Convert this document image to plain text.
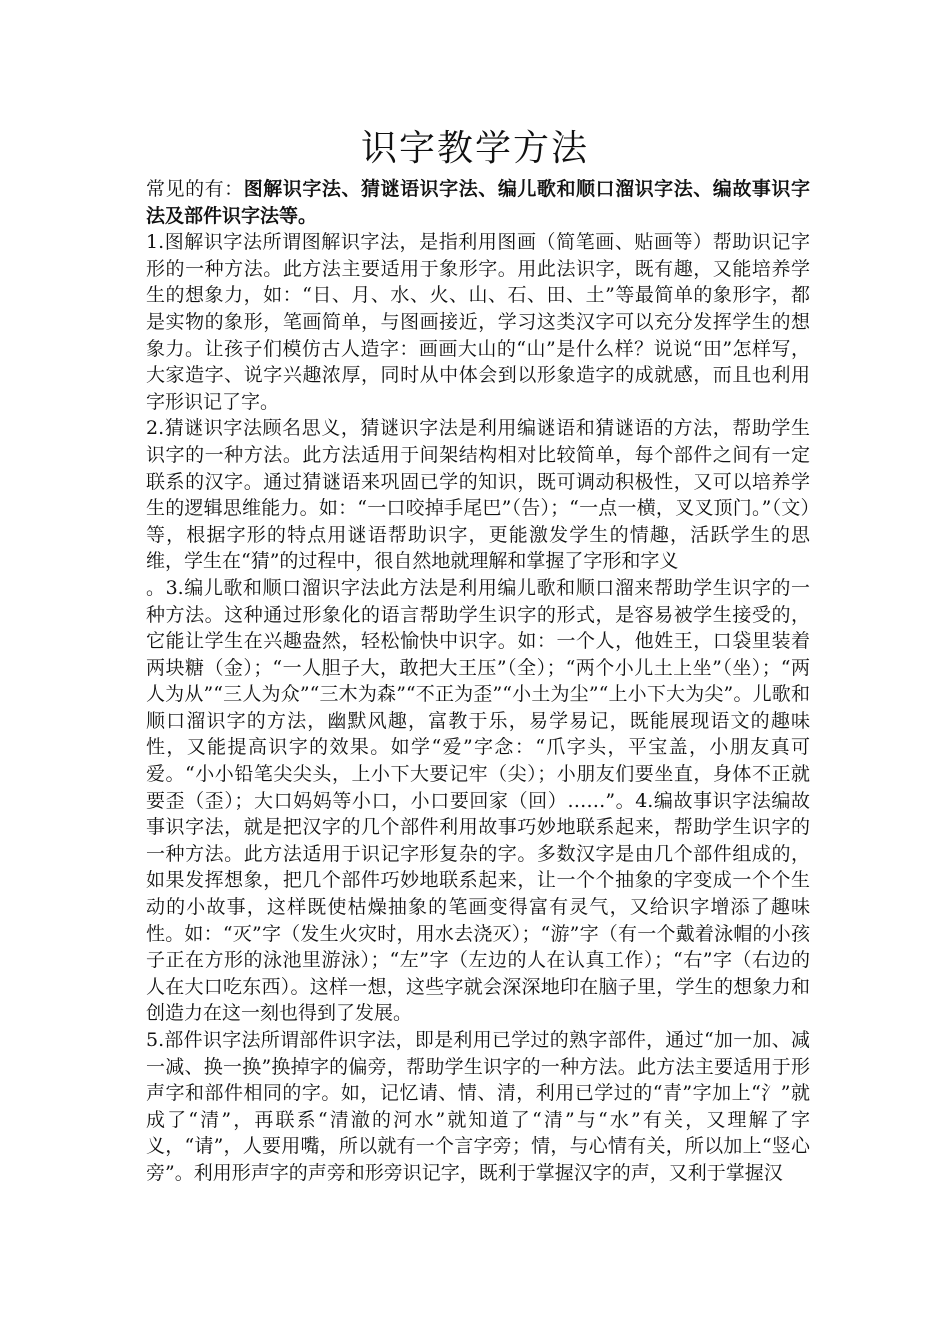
识字教学方法

常见的有：图解识字法、猜谜语识字法、编儿歌和顺口溜识字法、编故事识字法及部件识字法等。

1.图解识字法所谓图解识字法，是指利用图画（简笔画、贴画等）帮助识记字形的一种方法。此方法主要适用于象形字。用此法识字，既有趣，又能培养学生的想象力，如：“日、月、水、火、山、石、田、土”等最简单的象形字，都是实物的象形，笔画简单，与图画接近，学习这类汉字可以充分发挥学生的想象力。让孩子们模仿古人造字：画画大山的“山”是什么样？说说“田”怎样写，大家造字、说字兴趣浓厚，同时从中体会到以形象造字的成就感，而且也利用字形识记了字。

2.猜谜识字法顾名思义，猜谜识字法是利用编谜语和猜谜语的方法，帮助学生识字的一种方法。此方法适用于间架结构相对比较简单，每个部件之间有一定联系的汉字。通过猜谜语来巩固已学的知识，既可调动积极性，又可以培养学生的逻辑思维能力。如：“一口咬掉手尾巴”（告）；“一点一横，叉叉顶门。”（文）等，根据字形的特点用谜语帮助识字，更能激发学生的情趣，活跃学生的思维，学生在“猜”的过程中，很自然地就理解和掌握了字形和字义

。3.编儿歌和顺口溜识字法此方法是利用编儿歌和顺口溜来帮助学生识字的一种方法。这种通过形象化的语言帮助学生识字的形式，是容易被学生接受的，它能让学生在兴趣盎然，轻松愉快中识字。如：一个人，他姓王，口袋里装着两块糖（金）；“一人胆子大，敢把大王压”（全）；“两个小儿土上坐”（坐）；“两人为从”“三人为众”“三木为森”“不正为歪”“小土为尘”“上小下大为尖”。儿歌和顺口溜识字的方法，幽默风趣，富教于乐，易学易记，既能展现语文的趣味性，又能提高识字的效果。如学“爱”字念：“爪字头，平宝盖，小朋友真可爱。“小小铅笔尖尖头，上小下大要记牢（尖）；小朋友们要坐直，身体不正就要歪（歪）；大口妈妈等小口，小口要回家（回）……”。4.编故事识字法编故事识字法，就是把汉字的几个部件利用故事巧妙地联系起来，帮助学生识字的一种方法。此方法适用于识记字形复杂的字。多数汉字是由几个部件组成的，如果发挥想象，把几个部件巧妙地联系起来，让一个个抽象的字变成一个个生动的小故事，这样既使枯燥抽象的笔画变得富有灵气，又给识字增添了趣味性。如：“灭”字（发生火灾时，用水去浇灭）；“游”字（有一个戴着泳帽的小孩子正在方形的泳池里游泳）；“左”字（左边的人在认真工作）；“右”字（右边的人在大口吃东西）。这样一想，这些字就会深深地印在脑子里，学生的想象力和创造力在这一刻也得到了发展。

5.部件识字法所谓部件识字法，即是利用已学过的熟字部件，通过“加一加、减一减、换一换”换掉字的偏旁，帮助学生识字的一种方法。此方法主要适用于形声字和部件相同的字。如，记忆请、情、清，利用已学过的“青”字加上“氵”就成了“清”，再联系“清澈的河水”就知道了“清”与“水”有关，又理解了字义，“请”，人要用嘴，所以就有一个言字旁；情，与心情有关，所以加上“竖心旁”。利用形声字的声旁和形旁识记字，既利于掌握汉字的声，又利于掌握汉
